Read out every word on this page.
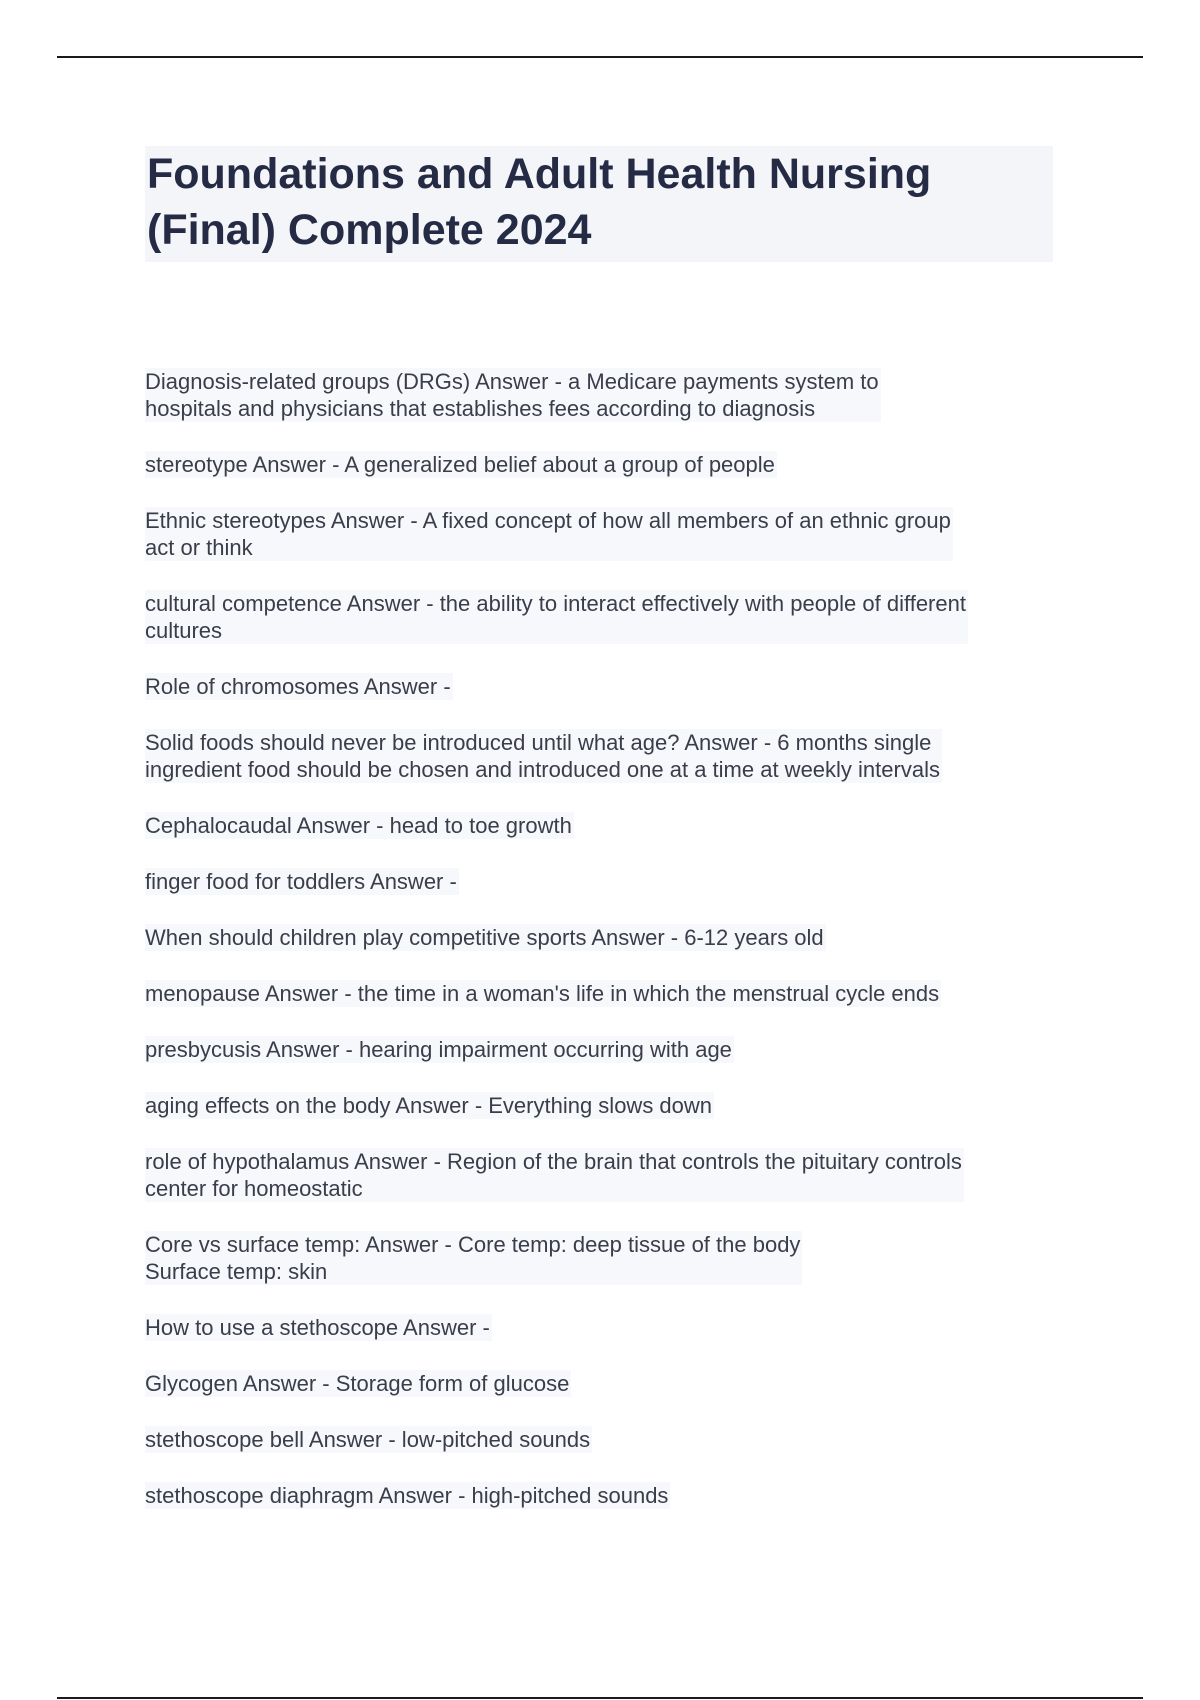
Foundations and Adult Health Nursing (Final) Complete 2024
Diagnosis-related groups (DRGs) Answer - a Medicare payments system to
hospitals and physicians that establishes fees according to diagnosis
stereotype Answer - A generalized belief about a group of people
Ethnic stereotypes Answer - A fixed concept of how all members of an ethnic group
act or think
cultural competence Answer - the ability to interact effectively with people of different
cultures
Role of chromosomes Answer -
Solid foods should never be introduced until what age? Answer - 6 months single
ingredient food should be chosen and introduced one at a time at weekly intervals
Cephalocaudal Answer - head to toe growth
finger food for toddlers Answer -
When should children play competitive sports Answer - 6-12 years old
menopause Answer - the time in a woman's life in which the menstrual cycle ends
presbycusis Answer - hearing impairment occurring with age
aging effects on the body Answer - Everything slows down
role of hypothalamus Answer - Region of the brain that controls the pituitary controls
center for homeostatic
Core vs surface temp: Answer - Core temp: deep tissue of the body
Surface temp: skin
How to use a stethoscope Answer -
Glycogen Answer - Storage form of glucose
stethoscope bell Answer - low-pitched sounds
stethoscope diaphragm Answer - high-pitched sounds
